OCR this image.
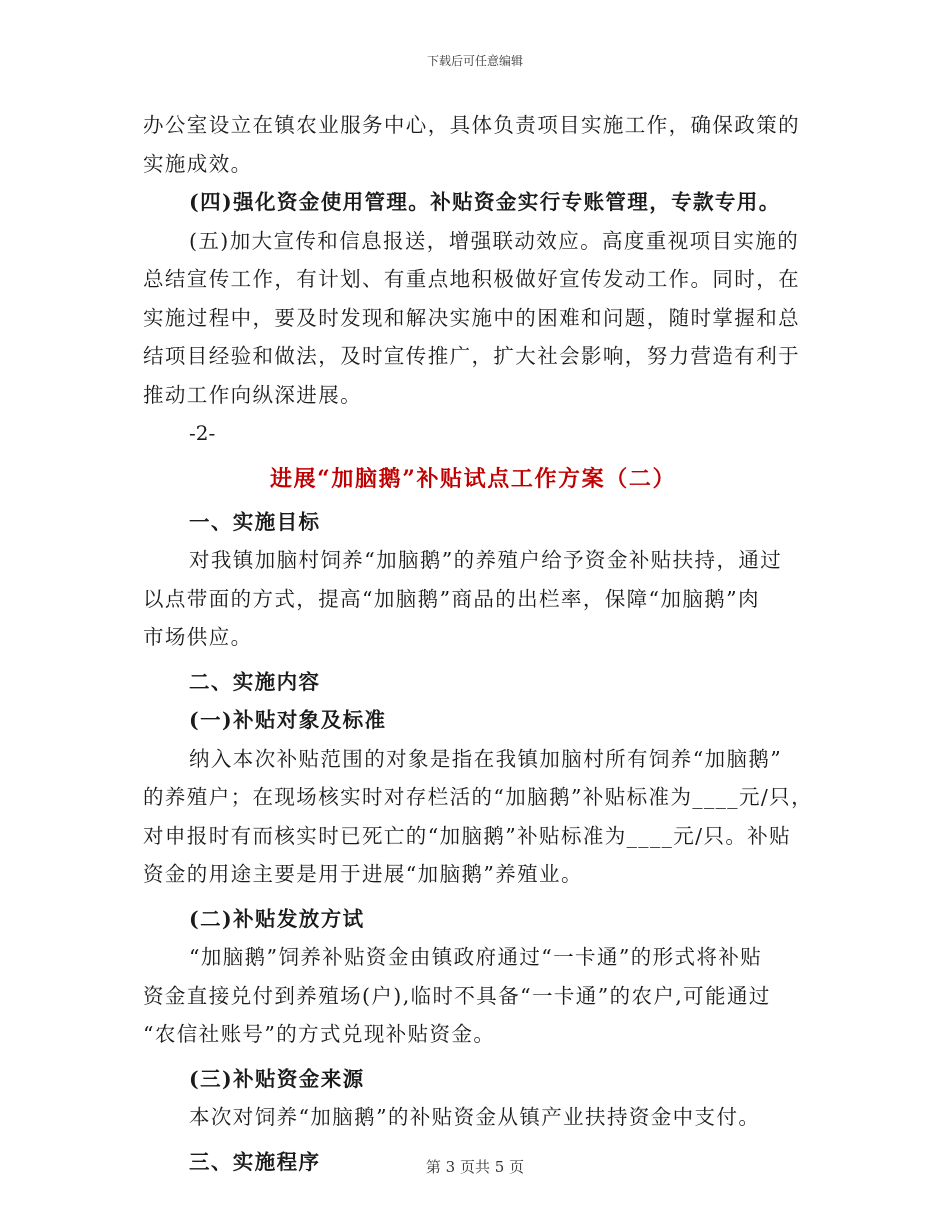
下载后可任意编辑

办公室设立在镇农业服务中心，具体负责项目实施工作，确保政策的

实施成效。

(四)强化资金使用管理。补贴资金实行专账管理，专款专用。

(五)加大宣传和信息报送，增强联动效应。高度重视项目实施的

总结宣传工作，有计划、有重点地积极做好宣传发动工作。同时，在

实施过程中，要及时发现和解决实施中的困难和问题，随时掌握和总

结项目经验和做法，及时宣传推广，扩大社会影响，努力营造有利于

推动工作向纵深进展。

-2-

进展“加脑鹅”补贴试点工作方案（二）

一、实施目标

对我镇加脑村饲养“加脑鹅”的养殖户给予资金补贴扶持，通过

以点带面的方式，提高“加脑鹅”商品的出栏率，保障“加脑鹅”肉

市场供应。

二、实施内容

(一)补贴对象及标准

纳入本次补贴范围的对象是指在我镇加脑村所有饲养“加脑鹅”

的养殖户；在现场核实时对存栏活的“加脑鹅”补贴标准为____元/只，

对申报时有而核实时已死亡的“加脑鹅”补贴标准为____元/只。补贴

资金的用途主要是用于进展“加脑鹅”养殖业。

(二)补贴发放方试

“加脑鹅”饲养补贴资金由镇政府通过“一卡通”的形式将补贴

资金直接兑付到养殖场(户),临时不具备“一卡通”的农户,可能通过

“农信社账号”的方式兑现补贴资金。

(三)补贴资金来源

本次对饲养“加脑鹅”的补贴资金从镇产业扶持资金中支付。

三、实施程序	第 3 页共 5 页
